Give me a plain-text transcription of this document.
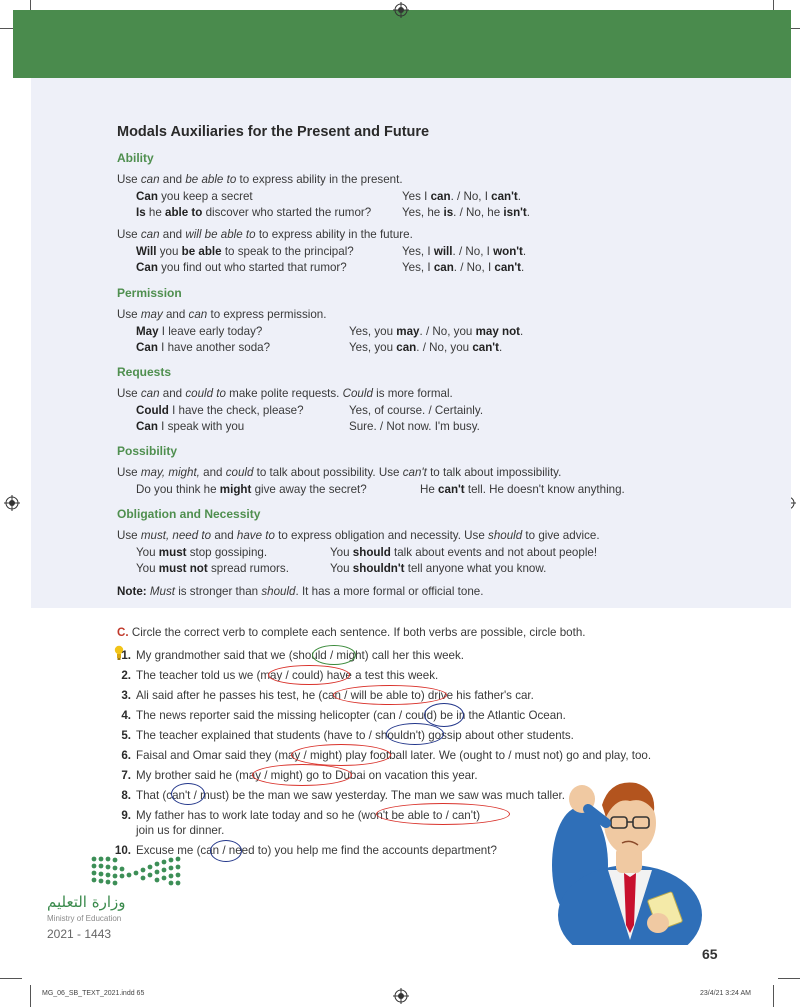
Modals Auxiliaries for the Present and Future
Ability
Use can and be able to to express ability in the present.
Can you keep a secret	Yes I can. / No, I can't.
Is he able to discover who started the rumor?	Yes, he is. / No, he isn't.
Use can and will be able to to express ability in the future.
Will you be able to speak to the principal?	Yes, I will. / No, I won't.
Can you find out who started that rumor?	Yes, I can. / No, I can't.
Permission
Use may and can to express permission.
May I leave early today?	Yes, you may. / No, you may not.
Can I have another soda?	Yes, you can. / No, you can't.
Requests
Use can and could to make polite requests. Could is more formal.
Could I have the check, please?	Yes, of course. / Certainly.
Can I speak with you	Sure. / Not now. I'm busy.
Possibility
Use may, might, and could to talk about possibility. Use can't to talk about impossibility.
Do you think he might give away the secret?	He can't tell. He doesn't know anything.
Obligation and Necessity
Use must, need to and have to to express obligation and necessity. Use should to give advice.
You must stop gossiping.	You should talk about events and not about people!
You must not spread rumors.	You shouldn't tell anyone what you know.
Note: Must is stronger than should. It has a more formal or official tone.
C. Circle the correct verb to complete each sentence. If both verbs are possible, circle both.
1. My grandmother said that we (should / might) call her this week.
2. The teacher told us we (may / could) have a test this week.
3. Ali said after he passes his test, he (can / will be able to) drive his father's car.
4. The news reporter said the missing helicopter (can / could) be in the Atlantic Ocean.
5. The teacher explained that students (have to / shouldn't) gossip about other students.
6. Faisal and Omar said they (may / might) play football later. We (ought to / must not) go and play, too.
7. My brother said he (may / might) go to Dubai on vacation this year.
8. That (can't / must) be the man we saw yesterday. The man we saw was much taller.
9. My father has to work late today and so he (won't be able to / can't)
join us for dinner.
10. Excuse me (can / need to) you help me find the accounts department?
وزارة التعليم
Ministry of Education
2021 - 1443
65
MG_06_SB_TEXT_2021.indd 65	23/4/21 3:24 AM
